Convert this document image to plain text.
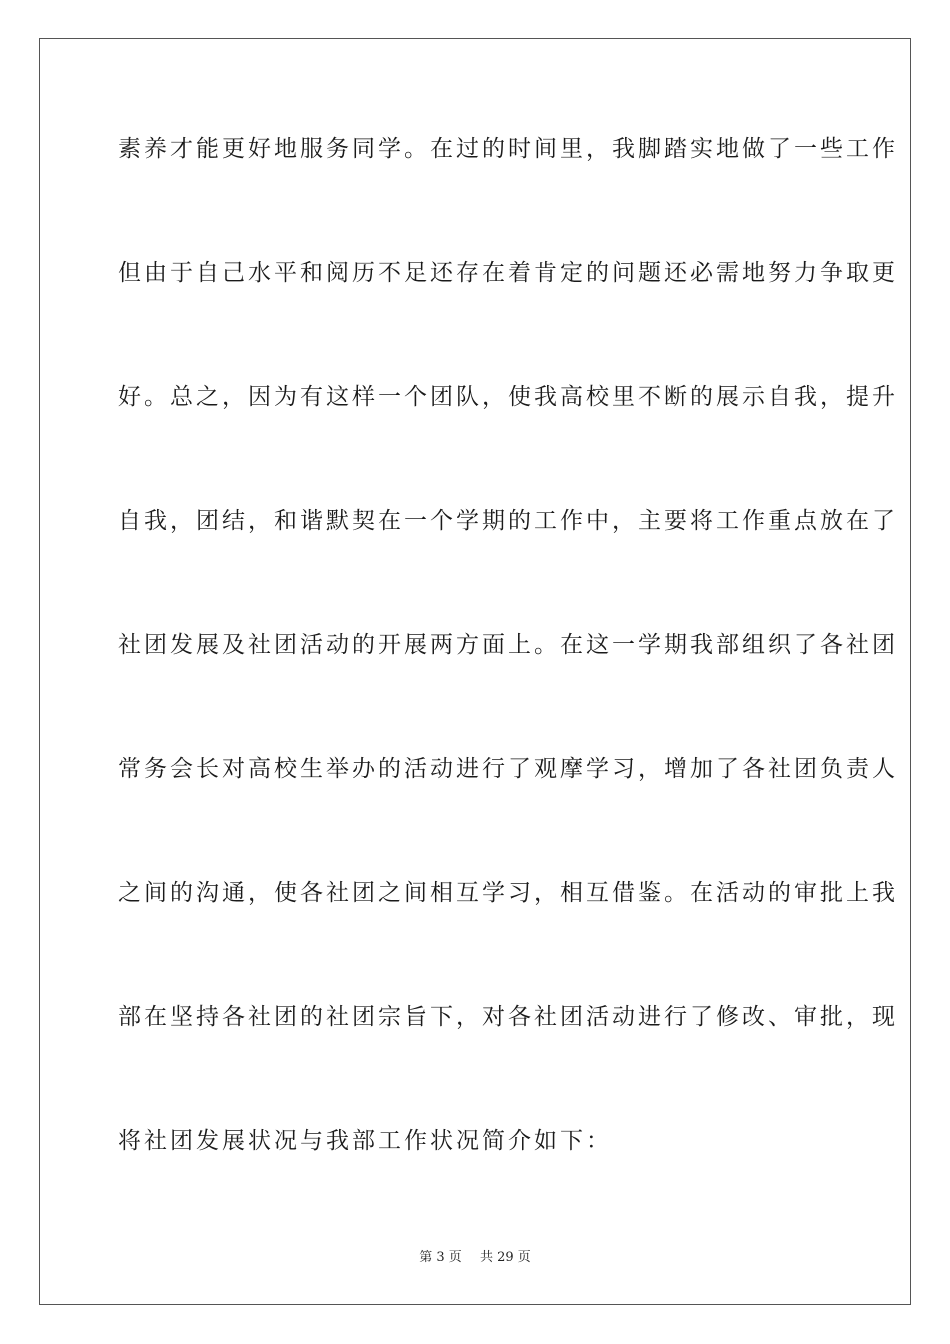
素养才能更好地服务同学。在过的时间里，我脚踏实地做了一些工作

但由于自己水平和阅历不足还存在着肯定的问题还必需地努力争取更

好。总之，因为有这样一个团队，使我高校里不断的展示自我，提升

自我，团结，和谐默契在一个学期的工作中，主要将工作重点放在了

社团发展及社团活动的开展两方面上。在这一学期我部组织了各社团

常务会长对高校生举办的活动进行了观摩学习，增加了各社团负责人

之间的沟通，使各社团之间相互学习，相互借鉴。在活动的审批上我

部在坚持各社团的社团宗旨下，对各社团活动进行了修改、审批，现

将社团发展状况与我部工作状况简介如下：

第 3 页 共 29 页
